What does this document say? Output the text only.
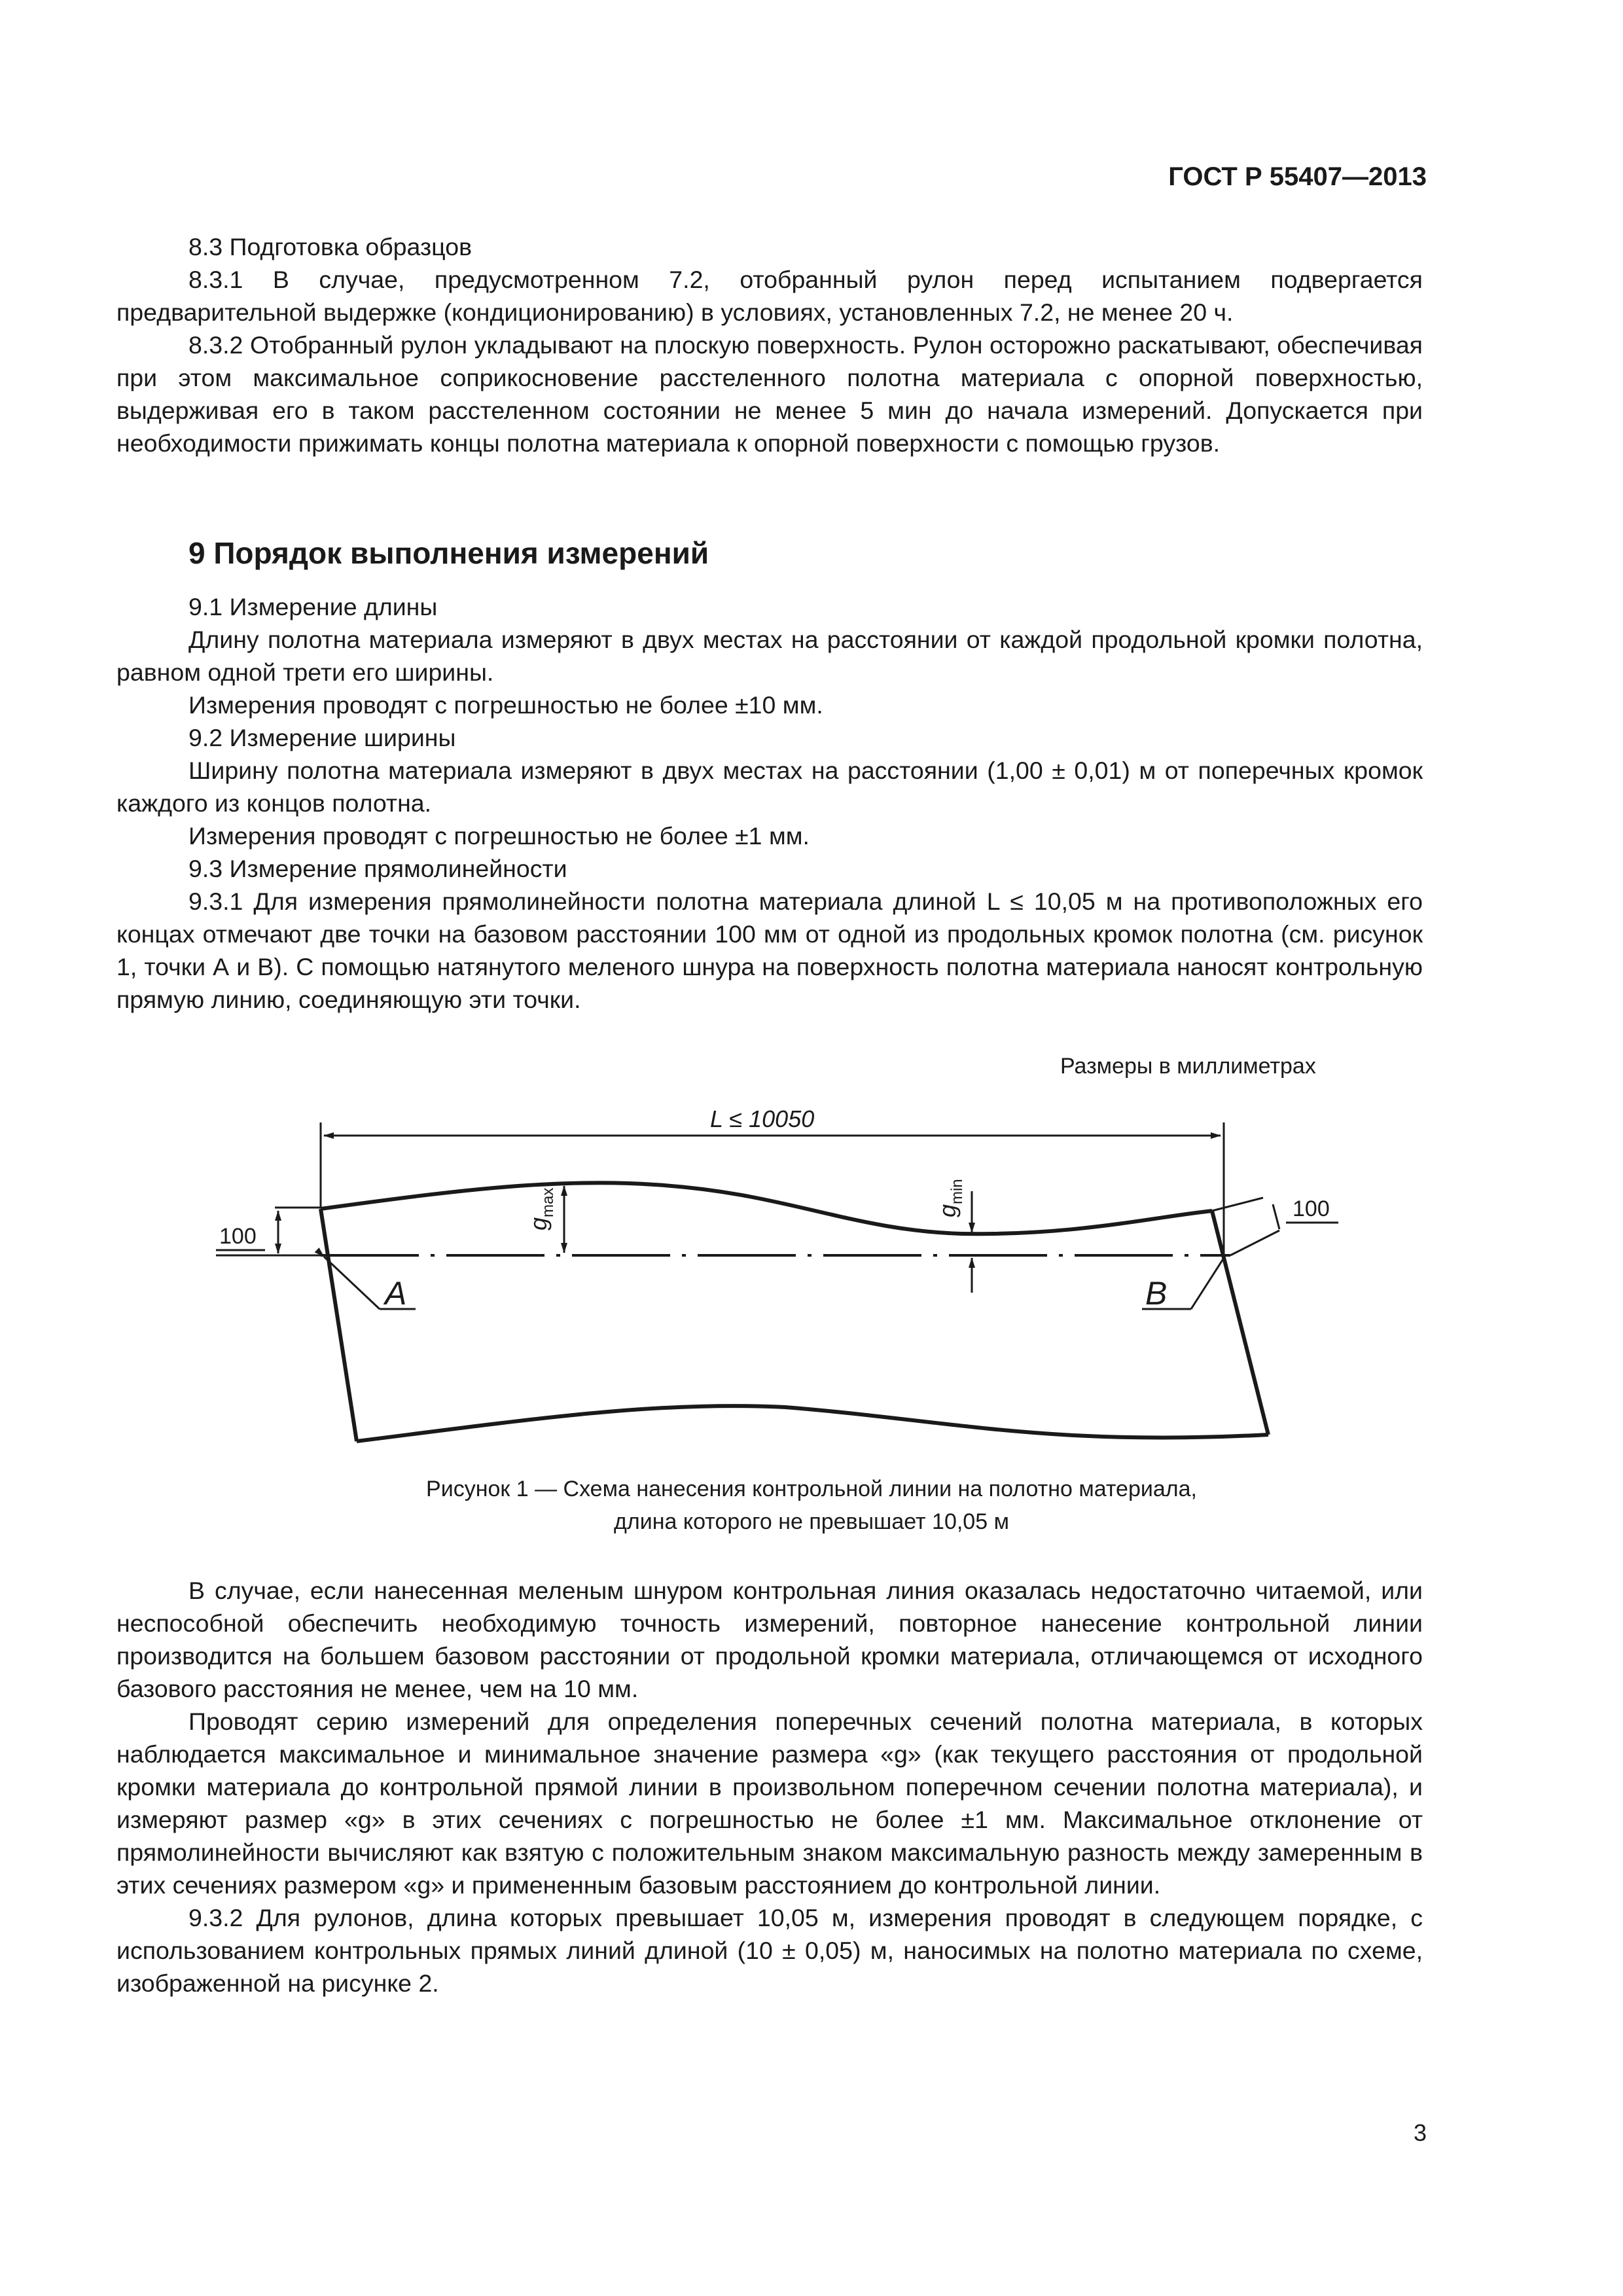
ГОСТ Р 55407—2013

8.3 Подготовка образцов

8.3.1 В случае, предусмотренном 7.2, отобранный рулон перед испытанием подвергается предварительной выдержке (кондиционированию) в условиях, установленных 7.2, не менее 20 ч.

8.3.2 Отобранный рулон укладывают на плоскую поверхность. Рулон осторожно раскатывают, обеспечивая при этом максимальное соприкосновение расстеленного полотна материала с опорной поверхностью, выдерживая его в таком расстеленном состоянии не менее 5 мин до начала измерений. Допускается при необходимости прижимать концы полотна материала к опорной поверхности с помощью грузов.

9 Порядок выполнения измерений

9.1 Измерение длины

Длину полотна материала измеряют в двух местах на расстоянии от каждой продольной кромки полотна, равном одной трети его ширины.

Измерения проводят с погрешностью не более ±10 мм.

9.2 Измерение ширины

Ширину полотна материала измеряют в двух местах на расстоянии (1,00 ± 0,01) м от поперечных кромок каждого из концов полотна.

Измерения проводят с погрешностью не более ±1 мм.

9.3 Измерение прямолинейности

9.3.1 Для измерения прямолинейности полотна материала длиной L ≤ 10,05 м на противоположных его концах отмечают две точки на базовом расстоянии 100 мм от одной из продольных кромок полотна (см. рисунок 1, точки А и В). С помощью натянутого меленого шнура на поверхность полотна материала наносят контрольную прямую линию, соединяющую эти точки.

Размеры в миллиметрах
L ≤ 10050
100
100
A	B
g
max	g
min
Рисунок 1 — Схема нанесения контрольной линии на полотно материала,
длина которого не превышает 10,05 м

В случае, если нанесенная меленым шнуром контрольная линия оказалась недостаточно читаемой, или неспособной обеспечить необходимую точность измерений, повторное нанесение контрольной линии производится на большем базовом расстоянии от продольной кромки материала, отличающемся от исходного базового расстояния не менее, чем на 10 мм.

Проводят серию измерений для определения поперечных сечений полотна материала, в которых наблюдается максимальное и минимальное значение размера «g» (как текущего расстояния от продольной кромки материала до контрольной прямой линии в произвольном поперечном сечении полотна материала), и измеряют размер «g» в этих сечениях с погрешностью не более ±1 мм. Максимальное отклонение от прямолинейности вычисляют как взятую с положительным знаком максимальную разность между замеренным в этих сечениях размером «g» и примененным базовым расстоянием до контрольной линии.

9.3.2 Для рулонов, длина которых превышает 10,05 м, измерения проводят в следующем порядке, с использованием контрольных прямых линий длиной (10 ± 0,05) м, наносимых на полотно материала по схеме, изображенной на рисунке 2.

3
